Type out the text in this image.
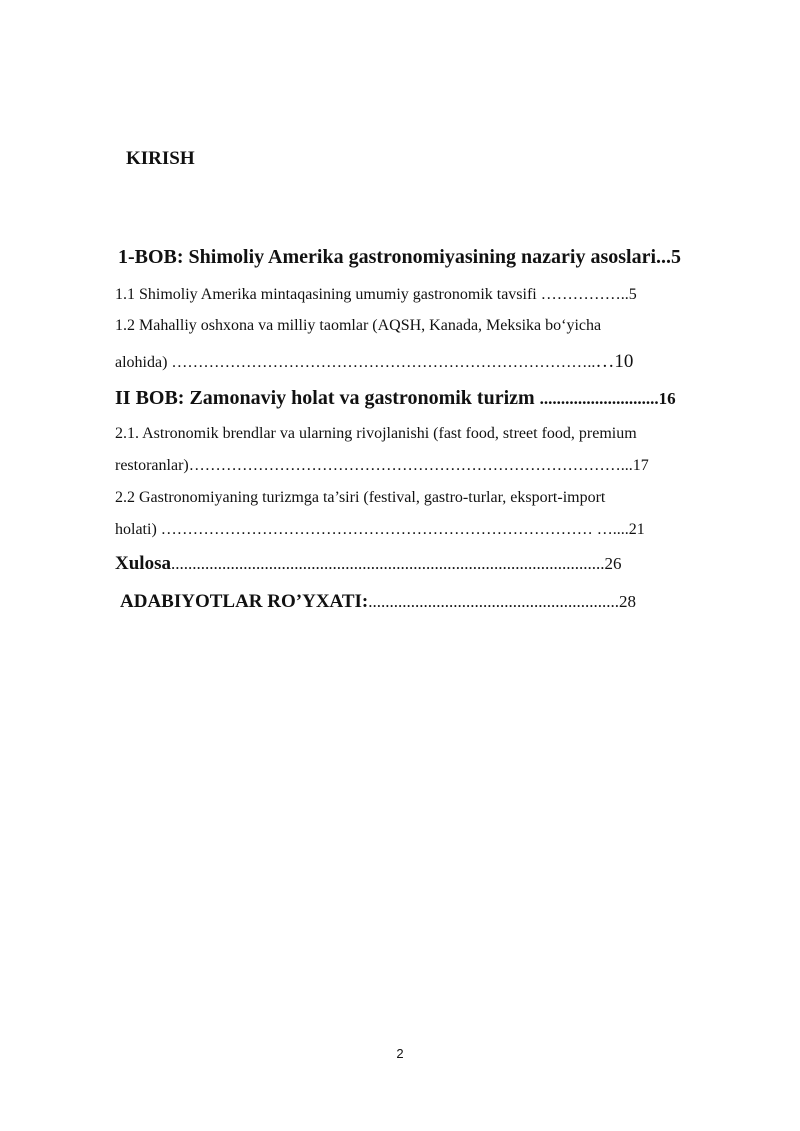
KIRISH
1-BOB: Shimoliy Amerika gastronomiyasining nazariy asoslari...5
1.1 Shimoliy Amerika mintaqasining umumiy gastronomik tavsifi ……………..5
1.2 Mahalliy oshxona va milliy taomlar (AQSH, Kanada, Meksika bo‘yicha
alohida) ……………………………………………………………………..…10
II BOB: Zamonaviy holat va gastronomik turizm ............................16
2.1. Astronomik brendlar va ularning rivojlanishi (fast food, street food, premium
restoranlar)………………………………………………………………………...17
2.2 Gastronomiyaning turizmga ta’siri (festival, gastro-turlar, eksport-import
holati) ……………………………………………………………………… …....21
Xulosa......................................................................................................26
ADABIYOTLAR RO’YXATI:...........................................................28
2
